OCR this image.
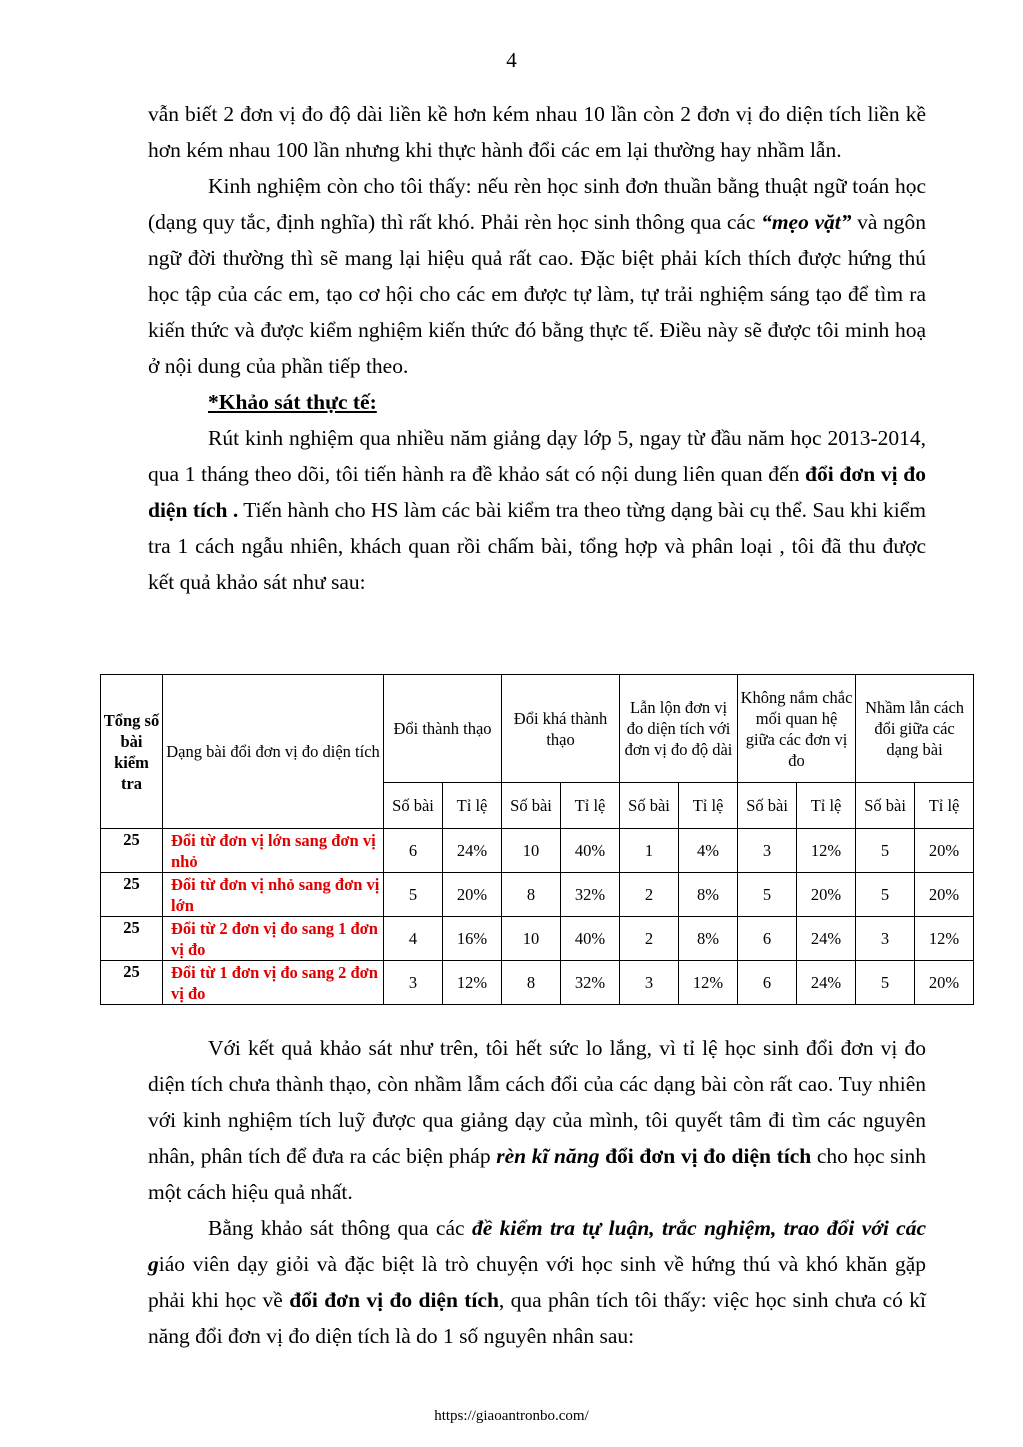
4

vẫn biết 2 đơn vị đo độ dài liền kề hơn kém nhau 10 lần còn 2 đơn vị đo diện tích liền kề hơn kém nhau 100 lần nhưng khi thực hành đổi các em lại thường hay nhầm lẫn.

Kinh nghiệm còn cho tôi thấy: nếu rèn học sinh đơn thuần bằng thuật ngữ toán học (dạng quy tắc, định nghĩa) thì rất khó. Phải rèn học sinh thông qua các “mẹo vặt” và ngôn ngữ đời thường thì sẽ mang lại hiệu quả rất cao. Đặc biệt phải kích thích được hứng thú học tập của các em, tạo cơ hội cho các em được tự làm, tự trải nghiệm sáng tạo để tìm ra kiến thức và được kiểm nghiệm kiến thức đó bằng thực tế. Điều này sẽ được tôi minh hoạ ở nội dung của phần tiếp theo.

*Khảo sát thực tế:

Rút kinh nghiệm qua nhiều năm giảng dạy lớp 5, ngay từ đầu năm học 2013-2014, qua 1 tháng theo dõi, tôi tiến hành ra đề khảo sát có nội dung liên quan đến đổi đơn vị đo diện tích . Tiến hành cho HS làm các bài kiểm tra theo từng dạng bài cụ thể. Sau khi kiểm tra 1 cách ngẫu nhiên, khách quan rồi chấm bài, tổng hợp và phân loại , tôi đã thu được kết quả khảo sát như sau:

Tổng số bài kiểm tra	Dạng bài đổi đơn vị đo diện tích	Đổi thành thạo		Đổi khá thành thạo		Lẫn lộn đơn vị đo diện tích với đơn vị đo độ dài		Không nắm chắc mối quan hệ giữa các đơn vị đo		Nhầm lẫn cách đổi giữa các dạng bài	
		Số bài	Tỉ lệ	Số bài	Tỉ lệ	Số bài	Tỉ lệ	Số bài	Tỉ lệ	Số bài	Tỉ lệ
25	Đổi từ đơn vị lớn sang đơn vị nhỏ	6	24%	10	40%	1	4%	3	12%	5	20%
25	Đổi từ đơn vị nhỏ sang đơn vị lớn	5	20%	8	32%	2	8%	5	20%	5	20%
25	Đổi từ 2 đơn vị đo sang 1 đơn vị đo	4	16%	10	40%	2	8%	6	24%	3	12%
25	Đổi từ 1 đơn vị đo sang 2 đơn vị đo	3	12%	8	32%	3	12%	6	24%	5	20%

Với kết quả khảo sát như trên, tôi hết sức lo lắng, vì tỉ lệ học sinh đổi đơn vị đo diện tích chưa thành thạo, còn nhầm lẫm cách đổi của các dạng bài còn rất cao. Tuy nhiên với kinh nghiệm tích luỹ được qua giảng dạy của mình, tôi quyết tâm đi tìm các nguyên nhân, phân tích để đưa ra các biện pháp rèn kĩ năng đổi đơn vị đo diện tích cho học sinh một cách hiệu quả nhất.

Bằng khảo sát thông qua các đề kiểm tra tự luận, trắc nghiệm, trao đổi với các giáo viên dạy giỏi và đặc biệt là trò chuyện với học sinh về hứng thú và khó khăn gặp phải khi học về đổi đơn vị đo diện tích, qua phân tích tôi thấy: việc học sinh chưa có kĩ năng đổi đơn vị đo diện tích là do 1 số nguyên nhân sau:

https://giaoantronbo.com/
